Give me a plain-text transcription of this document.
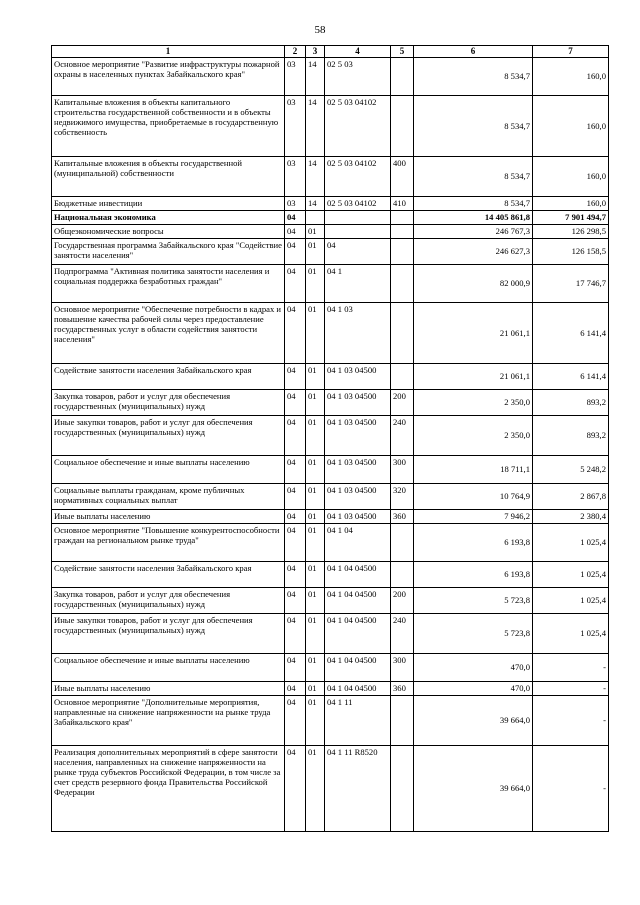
58
1	2	3	4	5	6	7
Основное мероприятие "Развитие инфраструктуры пожарной охраны в населенных пунктах Забайкальского края"	03	14	02 5 03		8 534,7	160,0
Капитальные вложения в объекты капитального строительства государственной собственности и в объекты недвижимого имущества, приобретаемые в государственную собственность	03	14	02 5 03 04102		8 534,7	160,0
Капитальные вложения в объекты государственной (муниципальной) собственности	03	14	02 5 03 04102	400	8 534,7	160,0
Бюджетные инвестиции	03	14	02 5 03 04102	410	8 534,7	160,0
Национальная экономика	04				14 405 861,8	7 901 494,7
Общеэкономические вопросы	04	01			246 767,3	126 298,5
Государственная программа Забайкальского края "Содействие занятости населения"	04	01	04		246 627,3	126 158,5
Подпрограмма "Активная политика занятости населения и социальная поддержка безработных граждан"	04	01	04 1		82 000,9	17 746,7
Основное мероприятие "Обеспечение потребности в кадрах и повышение качества рабочей силы через предоставление государственных услуг в области содействия занятости населения"	04	01	04 1 03		21 061,1	6 141,4
Содействие занятости населения Забайкальского края	04	01	04 1 03 04500		21 061,1	6 141,4
Закупка товаров, работ и услуг для обеспечения государственных (муниципальных) нужд	04	01	04 1 03 04500	200	2 350,0	893,2
Иные закупки товаров, работ и услуг для обеспечения государственных (муниципальных) нужд	04	01	04 1 03 04500	240	2 350,0	893,2
Социальное обеспечение и иные выплаты населению	04	01	04 1 03 04500	300	18 711,1	5 248,2
Социальные выплаты гражданам, кроме публичных нормативных социальных выплат	04	01	04 1 03 04500	320	10 764,9	2 867,8
Иные выплаты населению	04	01	04 1 03 04500	360	7 946,2	2 380,4
Основное мероприятие "Повышение конкурентоспособности граждан на региональном рынке труда"	04	01	04 1 04		6 193,8	1 025,4
Содействие занятости населения Забайкальского края	04	01	04 1 04 04500		6 193,8	1 025,4
Закупка товаров, работ и услуг для обеспечения государственных (муниципальных) нужд	04	01	04 1 04 04500	200	5 723,8	1 025,4
Иные закупки товаров, работ и услуг для обеспечения государственных (муниципальных) нужд	04	01	04 1 04 04500	240	5 723,8	1 025,4
Социальное обеспечение и иные выплаты населению	04	01	04 1 04 04500	300	470,0	-
Иные выплаты населению	04	01	04 1 04 04500	360	470,0	-
Основное мероприятие "Дополнительные мероприятия, направленные на снижение напряженности на рынке труда Забайкальского края"	04	01	04 1 11		39 664,0	-
Реализация дополнительных мероприятий в сфере занятости населения, направленных на снижение напряженности на рынке труда субъектов Российской Федерации, в том числе за счет средств резервного фонда Правительства Российской Федерации	04	01	04 1 11 R8520		39 664,0	-
